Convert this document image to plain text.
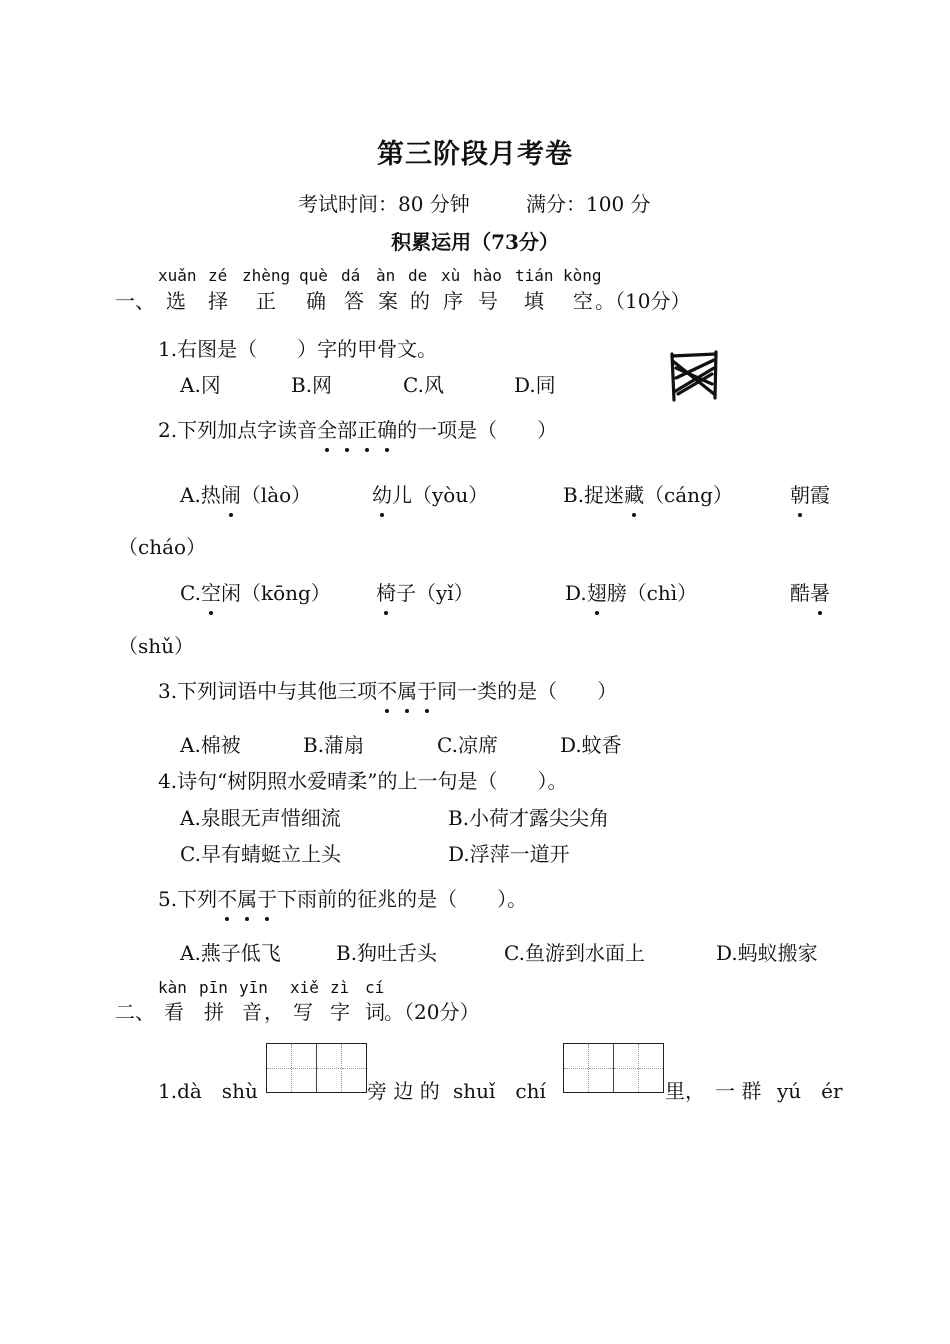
第三阶段月考卷
考试时间：80 分钟	满分：100 分
积累运用（73分）
xuǎn zé zhèng què dá àn de xù hào tián kòng
一、 选 择 正 确 答 案 的 序 号 填 空 。（10分）
1.右图是（　　）字的甲骨文。
A.冈	B.网	C.风	D.同
2.下列加点字读音全部正确的一项是（　　）
A.热闹（lào）	幼儿（yòu）	B.捉迷藏（cáng）	朝霞
（cháo）
C.空闲（kōng） 椅子（yǐ）	D.翅膀（chì）	酷暑
（shǔ）
3.下列词语中与其他三项不属于同一类的是（　　）
A.棉被	B.蒲扇	C.凉席	D.蚊香
4.诗句“树阴照水爱晴柔”的上一句是（　　）。
A.泉眼无声惜细流	B.小荷才露尖尖角
C.早有蜻蜓立上头	D.浮萍一道开
5.下列不属于下雨前的征兆的是（　　）。
A.燕子低飞	B.狗吐舌头	C.鱼游到水面上	D.蚂蚁搬家
kàn pīn yīn xiě zì cí
二、 看 拼 音 ， 写 字 词 。（20分）
1.dà　shù	旁 边 的 shuǐ　chí	里，　一 群 yú　ér
